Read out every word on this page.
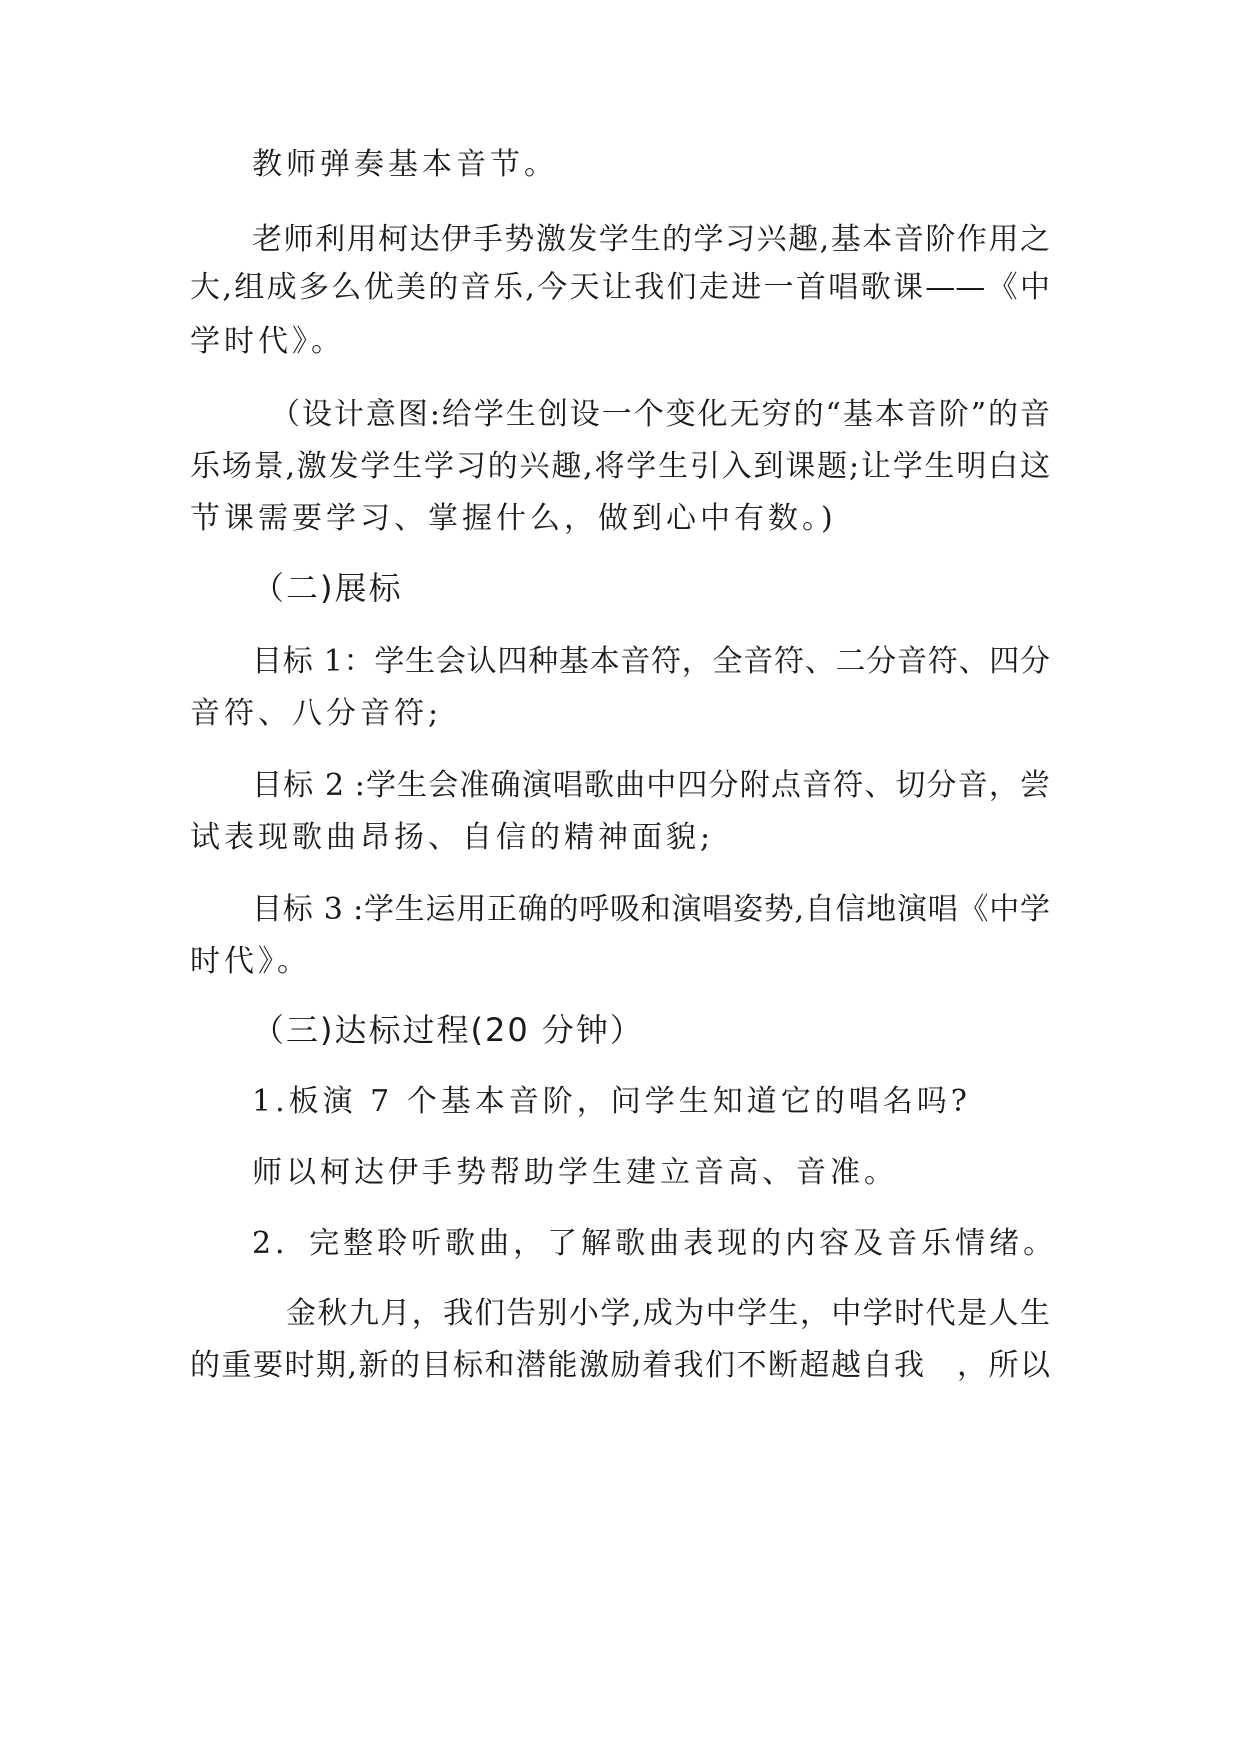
教师弹奏基本音节。
老师利用柯达伊手势激发学生的学习兴趣,基本音阶作用之
大,组成多么优美的音乐,今天让我们走进一首唱歌课——《中
学时代》。
（设计意图:给学生创设一个变化无穷的“基本音阶”的音
乐场景,激发学生学习的兴趣,将学生引入到课题;让学生明白这
节课需要学习、掌握什么，做到心中有数。)
（二)展标
目标 1：学生会认四种基本音符，全音符、二分音符、四分
音符、八分音符;
目标 2 :学生会准确演唱歌曲中四分附点音符、切分音，尝
试表现歌曲昂扬、自信的精神面貌;
目标 3 :学生运用正确的呼吸和演唱姿势,自信地演唱《中学
时代》。
（三)达标过程(20 分钟）
1.板演 7 个基本音阶，问学生知道它的唱名吗?
师以柯达伊手势帮助学生建立音高、音准。
2．完整聆听歌曲，了解歌曲表现的内容及音乐情绪。
金秋九月，我们告别小学,成为中学生，中学时代是人生
的重要时期,新的目标和潜能激励着我们不断超越自我　，所以
